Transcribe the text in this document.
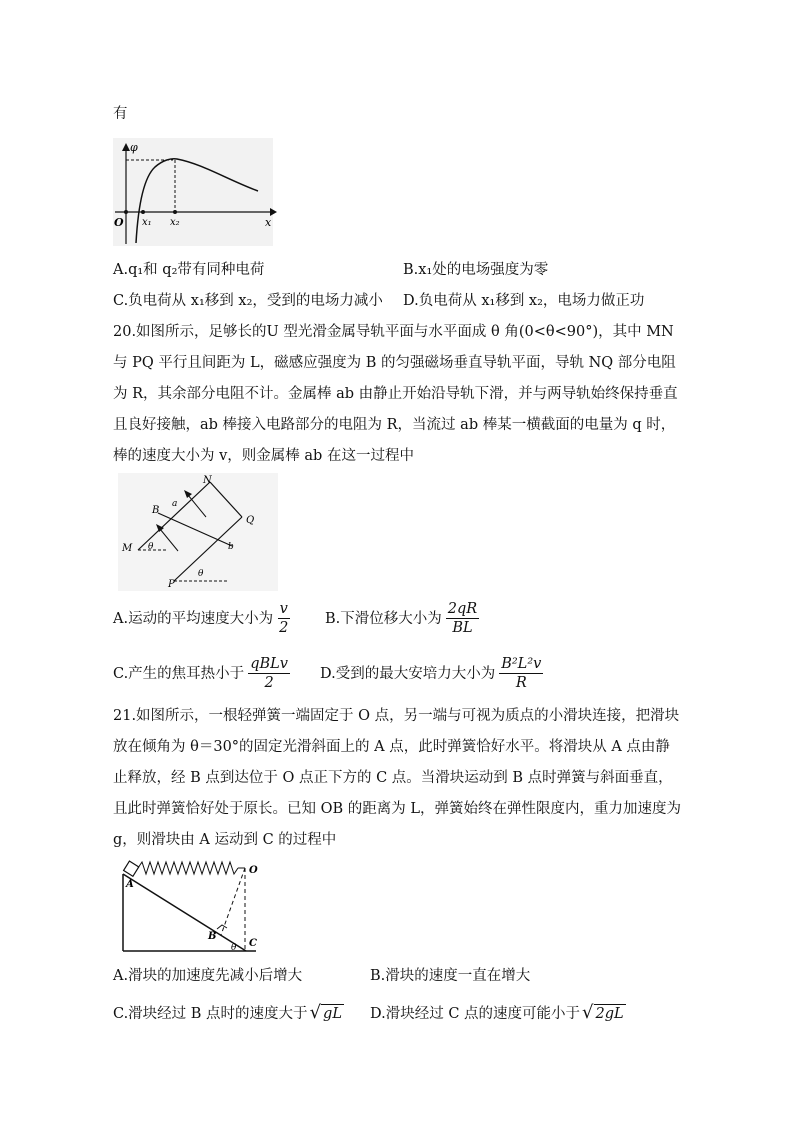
有
φ
x
O x₁ x₂
A.q₁和 q₂带有同种电荷	B.x₁处的电场强度为零
C.负电荷从 x₁移到 x₂，受到的电场力减小 D.负电荷从 x₁移到 x₂，电场力做正功
20.如图所示，足够长的U 型光滑金属导轨平面与水平面成 θ 角(0<θ<90°)，其中 MN 与 PQ 平行且间距为 L，磁感应强度为 B 的匀强磁场垂直导轨平面，导轨 NQ 部分电阻为 R，其余部分电阻不计。金属棒 ab 由静止开始沿导轨下滑，并与两导轨始终保持垂直且良好接触，ab 棒接入电路部分的电阻为 R，当流过 ab 棒某一横截面的电量为 q 时，棒的速度大小为 v，则金属棒 ab 在这一过程中
M
N
Q
P
B
a
b
θ
θ
A.运动的平均速度大小为 $\frac{v}{2} B$.下滑位移大小为 $\frac{2qR}{BL}$
C.产生的焦耳热小于 $\frac{\text{qBLv}}{2} D$.受到的最大安培力大小为 $\frac{\text{B²L²v}}{R}$
21.如图所示，一根轻弹簧一端固定于 O 点，另一端与可视为质点的小滑块连接，把滑块放在倾角为 θ＝30°的固定光滑斜面上的 A 点，此时弹簧恰好水平。将滑块从 A 点由静止释放，经 B 点到达位于 O 点正下方的 C 点。当滑块运动到 B 点时弹簧与斜面垂直，且此时弹簧恰好处于原长。已知 OB 的距离为 L，弹簧始终在弹性限度内，重力加速度为 g，则滑块由 A 运动到 C 的过程中
A
B
C
O
θ
A.滑块的加速度先减小后增大	B.滑块的速度一直在增大
C.滑块经过 B 点时的速度大于 √ gL D.滑块经过 C 点的速度可能小于 √ 2gL
